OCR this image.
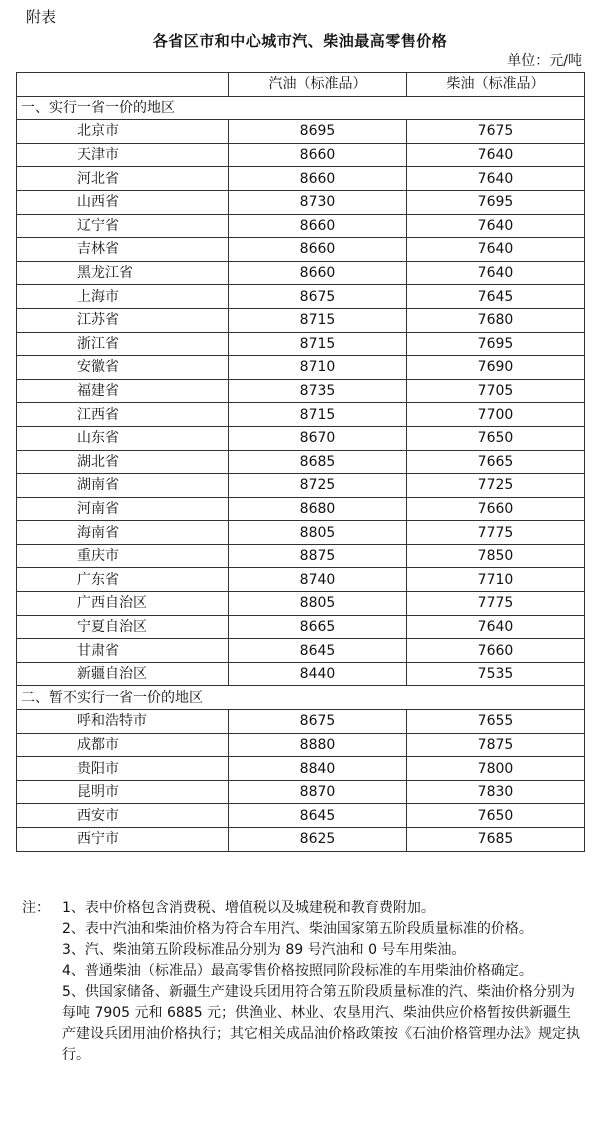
附表
各省区市和中心城市汽、柴油最高零售价格
单位：元/吨
	汽油（标准品）	柴油（标准品）
一、实行一省一价的地区		
北京市	8695	7675
天津市	8660	7640
河北省	8660	7640
山西省	8730	7695
辽宁省	8660	7640
吉林省	8660	7640
黑龙江省	8660	7640
上海市	8675	7645
江苏省	8715	7680
浙江省	8715	7695
安徽省	8710	7690
福建省	8735	7705
江西省	8715	7700
山东省	8670	7650
湖北省	8685	7665
湖南省	8725	7725
河南省	8680	7660
海南省	8805	7775
重庆市	8875	7850
广东省	8740	7710
广西自治区	8805	7775
宁夏自治区	8665	7640
甘肃省	8645	7660
新疆自治区	8440	7535
二、暂不实行一省一价的地区		
呼和浩特市	8675	7655
成都市	8880	7875
贵阳市	8840	7800
昆明市	8870	7830
西安市	8645	7650
西宁市	8625	7685

注： 1、表中价格包含消费税、增值税以及城建税和教育费附加。

2、表中汽油和柴油价格为符合车用汽、柴油国家第五阶段质量标准的价格。

3、汽、柴油第五阶段标准品分别为 89 号汽油和 0 号车用柴油。

4、普通柴油（标准品）最高零售价格按照同阶段标准的车用柴油价格确定。

5、供国家储备、新疆生产建设兵团用符合第五阶段质量标准的汽、柴油价格分别为每吨 7905 元和 6885 元；供渔业、林业、农垦用汽、柴油供应价格暂按供新疆生产建设兵团用油价格执行；其它相关成品油价格政策按《石油价格管理办法》规定执行。
